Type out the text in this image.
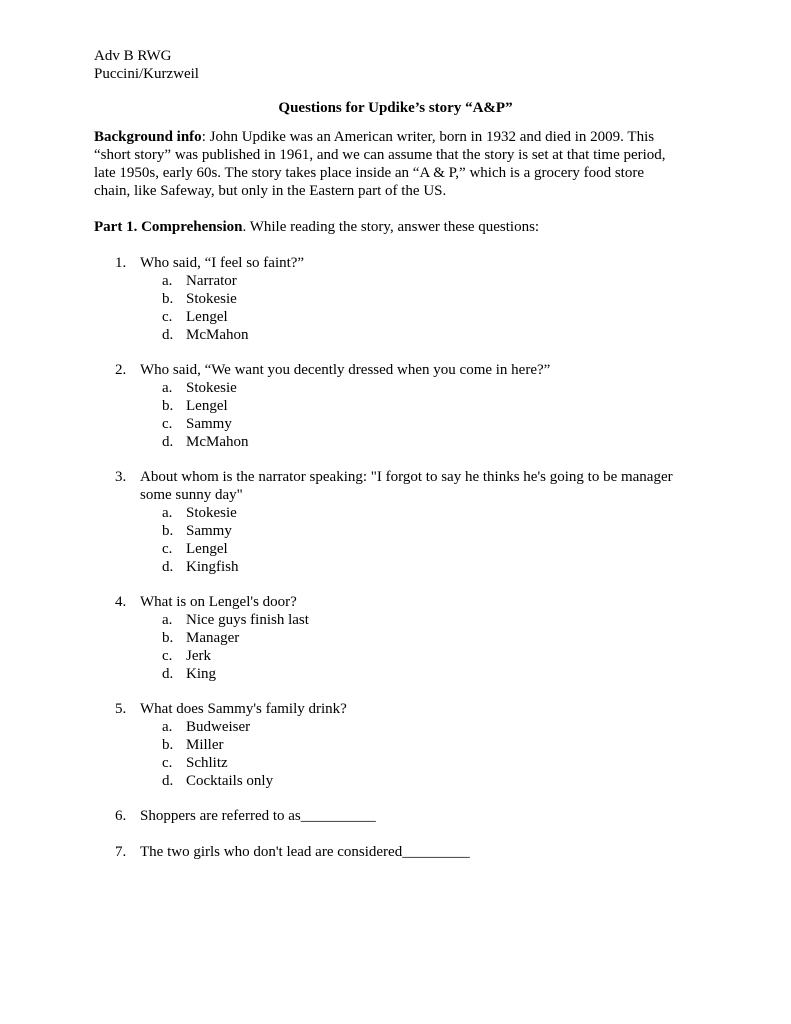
Adv B RWG
Puccini/Kurzweil
Questions for Updike’s story “A&P”
Background info: John Updike was an American writer, born in 1932 and died in 2009. This
“short story” was published in 1961, and we can assume that the story is set at that time period,
late 1950s, early 60s. The story takes place inside an “A & P,” which is a grocery food store
chain, like Safeway, but only in the Eastern part of the US.
Part 1. Comprehension. While reading the story, answer these questions:
1. Who said, “I feel so faint?”
a. Narrator
b. Stokesie
c. Lengel
d. McMahon
2. Who said, “We want you decently dressed when you come in here?”
a. Stokesie
b. Lengel
c. Sammy
d. McMahon
3. About whom is the narrator speaking: "I forgot to say he thinks he's going to be manager
some sunny day"
a. Stokesie
b. Sammy
c. Lengel
d. Kingfish
4. What is on Lengel's door?
a. Nice guys finish last
b. Manager
c. Jerk
d. King
5. What does Sammy's family drink?
a. Budweiser
b. Miller
c. Schlitz
d. Cocktails only
6. Shoppers are referred to as__________
7. The two girls who don't lead are considered_________
